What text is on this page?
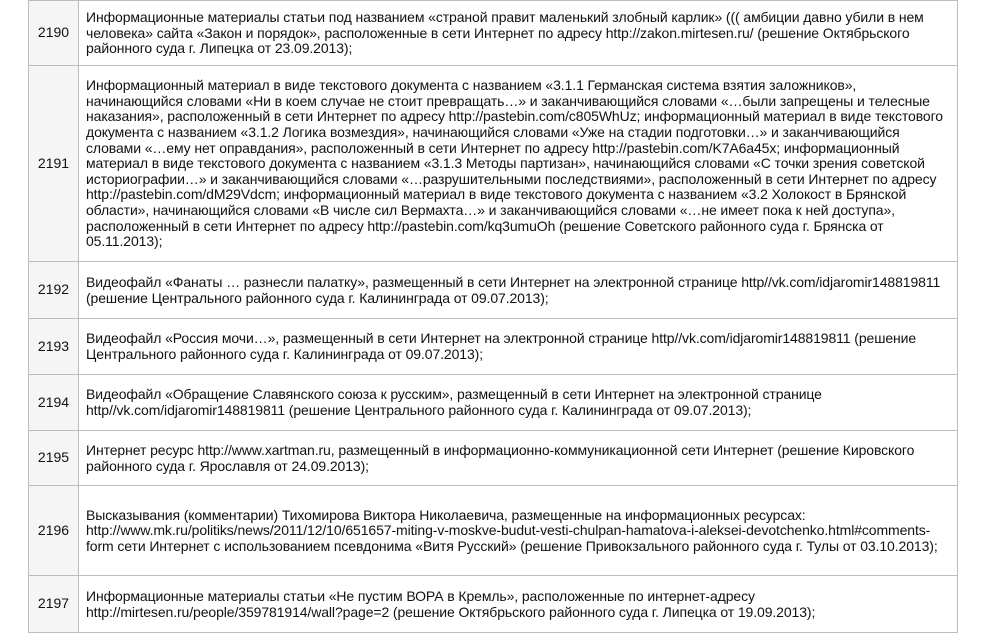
2190	Информационные материалы статьи под названием «страной правит маленький злобный карлик» ((( амбиции давно убили в нем человека» сайта «Закон и порядок», расположенные в сети Интернет по адресу http://zakon.mirtesen.ru/ (решение Октябрьского районного суда г. Липецка от 23.09.2013);
2191	Информационный материал в виде текстового документа с названием «3.1.1 Германская система взятия заложников», начинающийся словами «Ни в коем случае не стоит превращать…» и заканчивающийся словами «…были запрещены и телесные наказания», расположенный в сети Интернет по адресу http://pastebin.com/c805WhUz; информационный материал в виде текстового документа с названием «3.1.2 Логика возмездия», начинающийся словами «Уже на стадии подготовки…» и заканчивающийся словами «…ему нет оправдания», расположенный в сети Интернет по адресу http://pastebin.com/K7A6a45x; информационный материал в виде текстового документа с названием «3.1.3 Методы партизан», начинающийся словами «С точки зрения советской историографии…» и заканчивающийся словами «…разрушительными последствиями», расположенный в сети Интернет по адресу http://pastebin.com/dM29Vdcm; информационный материал в виде текстового документа с названием «3.2 Холокост в Брянской области», начинающийся словами «В числе сил Вермахта…» и заканчивающийся словами «…не имеет пока к ней доступа», расположенный в сети Интернет по адресу http://pastebin.com/kq3umuOh (решение Советского районного суда г. Брянска от 05.11.2013);
2192	Видеофайл «Фанаты … разнесли палатку», размещенный в сети Интернет на электронной странице http//vk.com/idjaromir148819811 (решение Центрального районного суда г. Калининграда от 09.07.2013);
2193	Видеофайл «Россия мочи…», размещенный в сети Интернет на электронной странице http//vk.com/idjaromir148819811 (решение Центрального районного суда г. Калининграда от 09.07.2013);
2194	Видеофайл «Обращение Славянского союза к русским», размещенный в сети Интернет на электронной странице http//vk.com/idjaromir148819811 (решение Центрального районного суда г. Калининграда от 09.07.2013);
2195	Интернет ресурс http://www.xartman.ru, размещенный в информационно-коммуникационной сети Интернет (решение Кировского районного суда г. Ярославля от 24.09.2013);
2196	Высказывания (комментарии) Тихомирова Виктора Николаевича, размещенные на информационных ресурсах: http://www.mk.ru/politiks/news/2011/12/10/651657-miting-v-moskve-budut-vesti-chulpan-hamatova-i-aleksei-devotchenko.html#comments-form сети Интернет с использованием псевдонима «Витя Русский» (решение Привокзального районного суда г. Тулы от 03.10.2013);
2197	Информационные материалы статьи «Не пустим ВОРА в Кремль», расположенные по интернет-адресу http://mirtesen.ru/people/359781914/wall?page=2 (решение Октябрьского районного суда г. Липецка от 19.09.2013);
